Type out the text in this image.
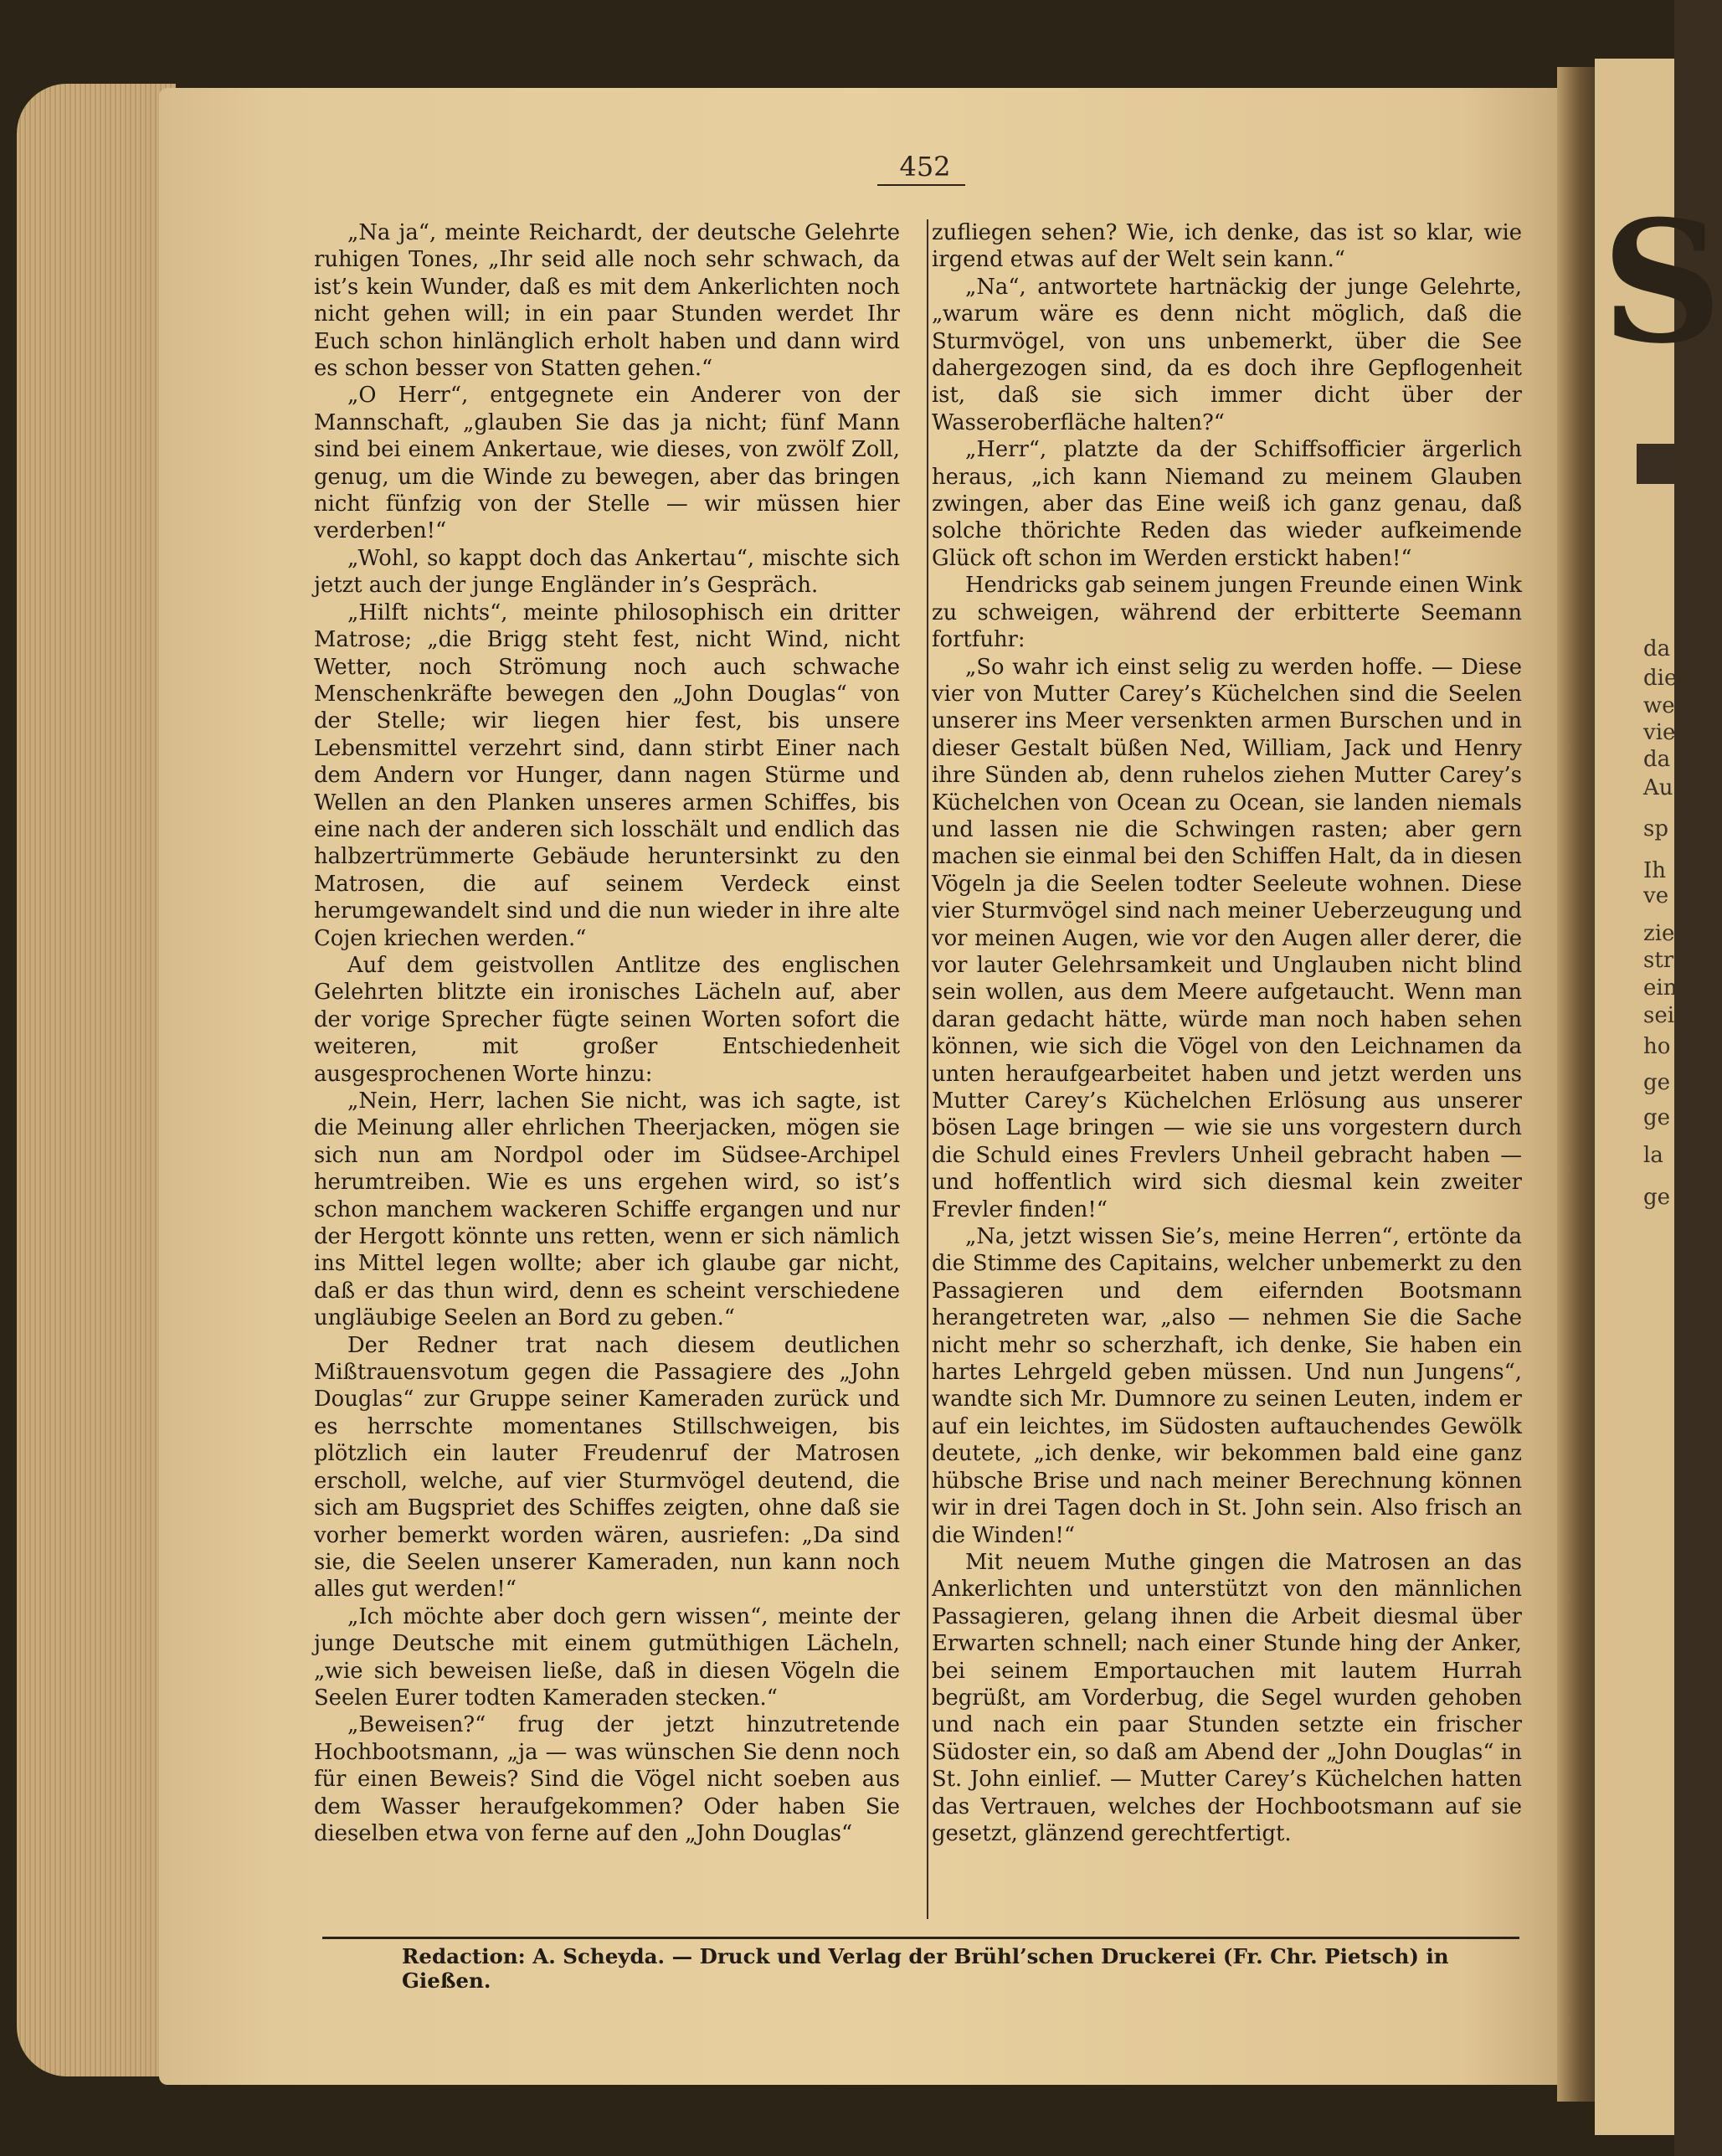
S
da
die
we
vie
da
Au
sp
Ih
ve
zie
str
ein
sei
ho
ge
ge
la
ge
452

„Na ja“, meinte Reichardt, der deutsche Gelehrte ruhigen Tones, „Ihr seid alle noch sehr schwach, da ist’s kein Wunder, daß es mit dem Ankerlichten noch nicht gehen will; in ein paar Stunden werdet Ihr Euch schon hinlänglich erholt haben und dann wird es schon besser von Statten gehen.“

„O Herr“, entgegnete ein Anderer von der Mannschaft, „glauben Sie das ja nicht; fünf Mann sind bei einem Ankertaue, wie dieses, von zwölf Zoll, genug, um die Winde zu bewegen, aber das bringen nicht fünfzig von der Stelle — wir müssen hier verderben!“

„Wohl, so kappt doch das Ankertau“, mischte sich jetzt auch der junge Engländer in’s Gespräch.

„Hilft nichts“, meinte philosophisch ein dritter Matrose; „die Brigg steht fest, nicht Wind, nicht Wetter, noch Strömung noch auch schwache Menschenkräfte bewegen den „John Douglas“ von der Stelle; wir liegen hier fest, bis unsere Lebensmittel verzehrt sind, dann stirbt Einer nach dem Andern vor Hunger, dann nagen Stürme und Wellen an den Planken unseres armen Schiffes, bis eine nach der anderen sich losschält und endlich das halbzertrümmerte Gebäude heruntersinkt zu den Matrosen, die auf seinem Verdeck einst herumgewandelt sind und die nun wieder in ihre alte Cojen kriechen werden.“

Auf dem geistvollen Antlitze des englischen Gelehrten blitzte ein ironisches Lächeln auf, aber der vorige Sprecher fügte seinen Worten sofort die weiteren, mit großer Entschiedenheit ausgesprochenen Worte hinzu:

„Nein, Herr, lachen Sie nicht, was ich sagte, ist die Meinung aller ehrlichen Theerjacken, mögen sie sich nun am Nordpol oder im Südsee-Archipel herumtreiben. Wie es uns ergehen wird, so ist’s schon manchem wackeren Schiffe ergangen und nur der Hergott könnte uns retten, wenn er sich nämlich ins Mittel legen wollte; aber ich glaube gar nicht, daß er das thun wird, denn es scheint verschiedene ungläubige Seelen an Bord zu geben.“

Der Redner trat nach diesem deutlichen Mißtrauensvotum gegen die Passagiere des „John Douglas“ zur Gruppe seiner Kameraden zurück und es herrschte momentanes Stillschweigen, bis plötzlich ein lauter Freudenruf der Matrosen erscholl, welche, auf vier Sturmvögel deutend, die sich am Bugspriet des Schiffes zeigten, ohne daß sie vorher bemerkt worden wären, ausriefen: „Da sind sie, die Seelen unserer Kameraden, nun kann noch alles gut werden!“

„Ich möchte aber doch gern wissen“, meinte der junge Deutsche mit einem gutmüthigen Lächeln, „wie sich beweisen ließe, daß in diesen Vögeln die Seelen Eurer todten Kameraden stecken.“

„Beweisen?“ frug der jetzt hinzutretende Hochbootsmann, „ja — was wünschen Sie denn noch für einen Beweis? Sind die Vögel nicht soeben aus dem Wasser heraufgekommen? Oder haben Sie dieselben etwa von ferne auf den „John Douglas“

zufliegen sehen? Wie, ich denke, das ist so klar, wie irgend etwas auf der Welt sein kann.“

„Na“, antwortete hartnäckig der junge Gelehrte, „warum wäre es denn nicht möglich, daß die Sturmvögel, von uns unbemerkt, über die See dahergezogen sind, da es doch ihre Gepflogenheit ist, daß sie sich immer dicht über der Wasseroberfläche halten?“

„Herr“, platzte da der Schiffsofficier ärgerlich heraus, „ich kann Niemand zu meinem Glauben zwingen, aber das Eine weiß ich ganz genau, daß solche thörichte Reden das wieder aufkeimende Glück oft schon im Werden erstickt haben!“

Hendricks gab seinem jungen Freunde einen Wink zu schweigen, während der erbitterte Seemann fortfuhr:

„So wahr ich einst selig zu werden hoffe. — Diese vier von Mutter Carey’s Küchelchen sind die Seelen unserer ins Meer versenkten armen Burschen und in dieser Gestalt büßen Ned, William, Jack und Henry ihre Sünden ab, denn ruhelos ziehen Mutter Carey’s Küchelchen von Ocean zu Ocean, sie landen niemals und lassen nie die Schwingen rasten; aber gern machen sie einmal bei den Schiffen Halt, da in diesen Vögeln ja die Seelen todter Seeleute wohnen. Diese vier Sturmvögel sind nach meiner Ueberzeugung und vor meinen Augen, wie vor den Augen aller derer, die vor lauter Gelehrsamkeit und Unglauben nicht blind sein wollen, aus dem Meere aufgetaucht. Wenn man daran gedacht hätte, würde man noch haben sehen können, wie sich die Vögel von den Leichnamen da unten heraufgearbeitet haben und jetzt werden uns Mutter Carey’s Küchelchen Erlösung aus unserer bösen Lage bringen — wie sie uns vorgestern durch die Schuld eines Frevlers Unheil gebracht haben — und hoffentlich wird sich diesmal kein zweiter Frevler finden!“

„Na, jetzt wissen Sie’s, meine Herren“, ertönte da die Stimme des Capitains, welcher unbemerkt zu den Passagieren und dem eifernden Bootsmann herangetreten war, „also — nehmen Sie die Sache nicht mehr so scherzhaft, ich denke, Sie haben ein hartes Lehrgeld geben müssen. Und nun Jungens“, wandte sich Mr. Dumnore zu seinen Leuten, indem er auf ein leichtes, im Südosten auftauchendes Gewölk deutete, „ich denke, wir bekommen bald eine ganz hübsche Brise und nach meiner Berechnung können wir in drei Tagen doch in St. John sein. Also frisch an die Winden!“

Mit neuem Muthe gingen die Matrosen an das Ankerlichten und unterstützt von den männlichen Passagieren, gelang ihnen die Arbeit diesmal über Erwarten schnell; nach einer Stunde hing der Anker, bei seinem Emportauchen mit lautem Hurrah begrüßt, am Vorderbug, die Segel wurden gehoben und nach ein paar Stunden setzte ein frischer Südoster ein, so daß am Abend der „John Douglas“ in St. John einlief. — Mutter Carey’s Küchelchen hatten das Vertrauen, welches der Hochbootsmann auf sie gesetzt, glänzend gerechtfertigt.

Redaction: A. Scheyda. — Druck und Verlag der Brühl’schen Druckerei (Fr. Chr. Pietsch) in Gießen.
